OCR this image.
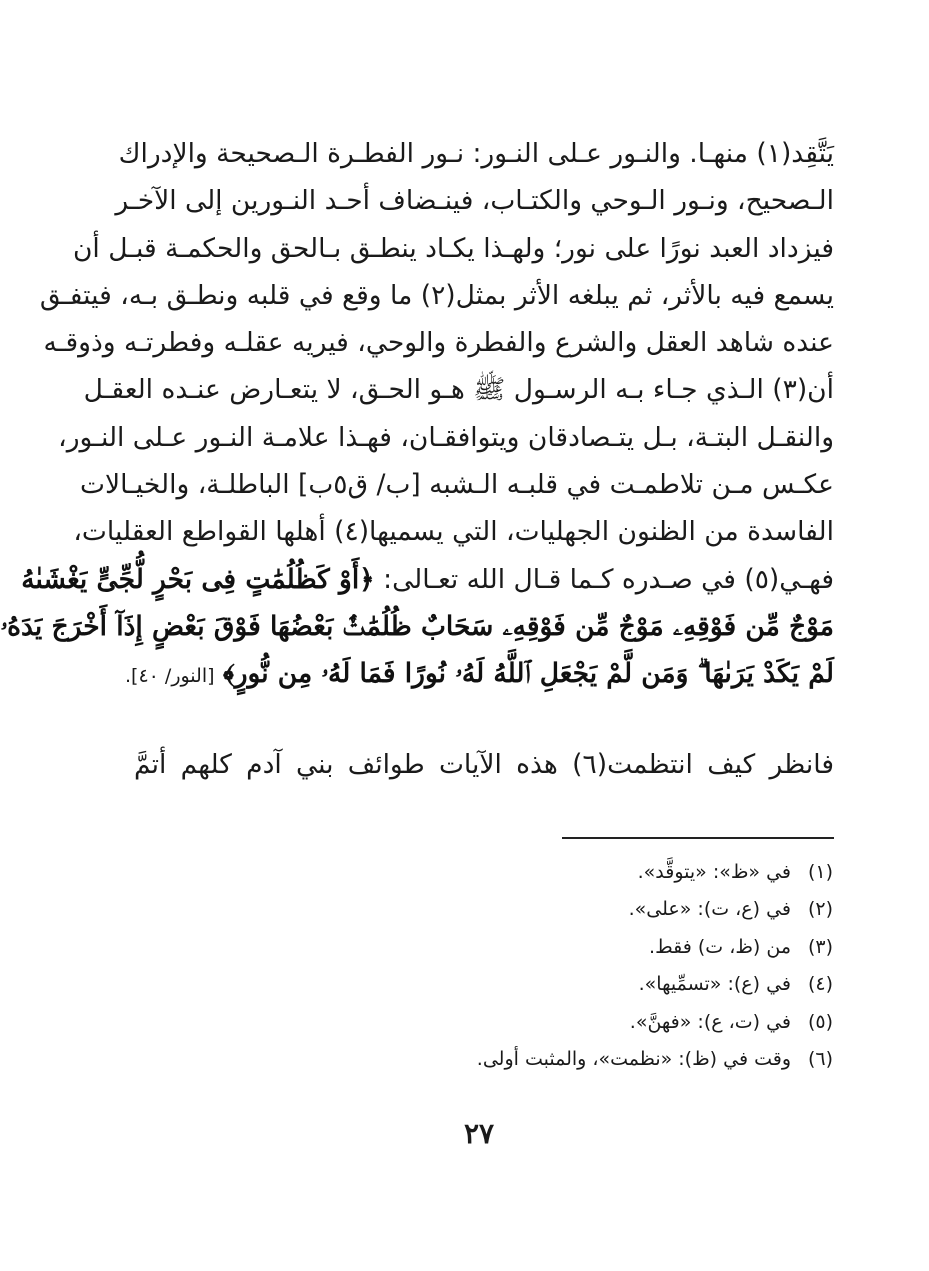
يَتَّقِد(١) منهـا. والنـور عـلى النـور: نـور الفطـرة الـصحيحة والإدراك
الـصحيح، ونـور الـوحي والكتـاب، فينـضاف أحـد النـورين إلى الآخـر
فيزداد العبد نورًا على نور؛ ولهـذا يكـاد ينطـق بـالحق والحكمـة قبـل أن
يسمع فيه بالأثر، ثم يبلغه الأثر بمثل(٢) ما وقع في قلبه ونطـق بـه، فيتفـق
عنده شاهد العقل والشرع والفطرة والوحي، فيريه عقلـه وفطرتـه وذوقـه
أن(٣) الـذي جـاء بـه الرسـول ﷺ هـو الحـق، لا يتعـارض عنـده العقـل
والنقـل البتـة، بـل يتـصادقان ويتوافقـان، فهـذا علامـة النـور عـلى النـور،
عكـس مـن تلاطمـت في قلبـه الـشبه [ب/ ق٥ب] الباطلـة، والخيـالات
الفاسدة من الظنون الجهليات، التي يسميها(٤) أهلها القواطع العقليات،
فهـي(٥) في صـدره كـما قـال الله تعـالى: ﴿أَوْ كَظُلُمَٰتٍ فِى بَحْرٍ لُّجِّىٍّ يَغْشَىٰهُ
مَوْجٌ مِّن فَوْقِهِۦ مَوْجٌ مِّن فَوْقِهِۦ سَحَابٌ ظُلُمَٰتٌۢ بَعْضُهَا فَوْقَ بَعْضٍ إِذَآ أَخْرَجَ يَدَهُۥ
لَمْ يَكَدْ يَرَىٰهَا ۗ وَمَن لَّمْ يَجْعَلِ ٱللَّهُ لَهُۥ نُورًا فَمَا لَهُۥ مِن نُّورٍ﴾ [النور/ ٤٠].
فانظر كيف انتظمت(٦) هذه الآيات طوائف بني آدم كلهم أتمَّ
(١)في «ظ»: «يتوقَّد».
(٢)في (ع، ت): «على».
(٣)من (ظ، ت) فقط.
(٤)في (ع): «تسمِّيها».
(٥)في (ت، ع): «فهنَّ».
(٦)وقت في (ظ): «نظمت»، والمثبت أولى.
٢٧
